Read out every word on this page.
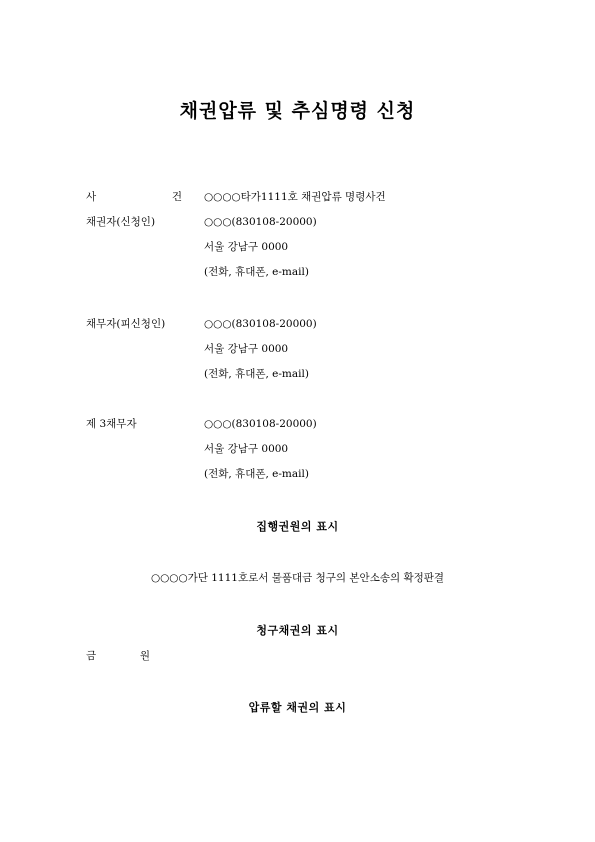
채권압류 및 추심명령 신청
사	건 ○○○○타가1111호 채권압류 명령사건
채권자(신청인)	○○○(830108-20000)
서울 강남구 0000
(전화, 휴대폰, e-mail)
채무자(피신청인)	○○○(830108-20000)
서울 강남구 0000
(전화, 휴대폰, e-mail)
제 3채무자	○○○(830108-20000)
서울 강남구 0000
(전화, 휴대폰, e-mail)
집행권원의 표시
○○○○가단 1111호로서 물품대금 청구의 본안소송의 확정판결
청구채권의 표시
금	원
압류할 채권의 표시
